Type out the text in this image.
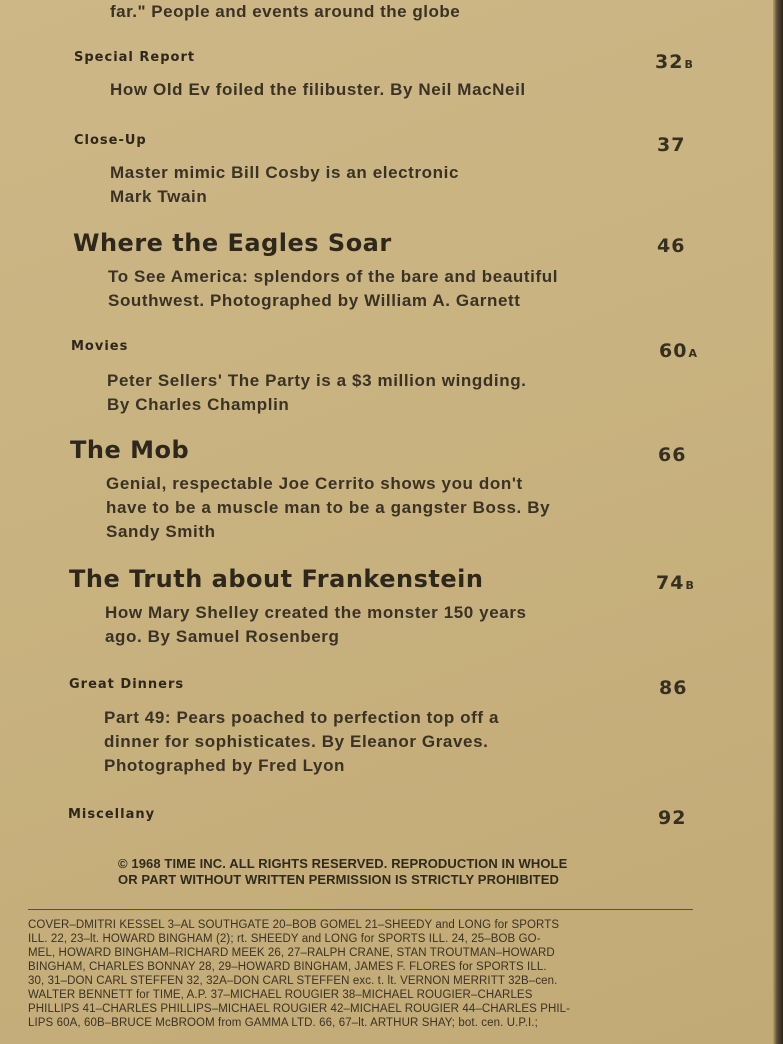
far." People and events around the globe
Special Report	32B
How Old Ev foiled the filibuster. By Neil MacNeil
Close-Up	37
Master mimic Bill Cosby is an electronic
Mark Twain
Where the Eagles Soar	46
To See America: splendors of the bare and beautiful
Southwest. Photographed by William A. Garnett
Movies	60A
Peter Sellers' The Party is a $3 million wingding.
By Charles Champlin
The Mob	66
Genial, respectable Joe Cerrito shows you don't
have to be a muscle man to be a gangster Boss. By
Sandy Smith
The Truth about Frankenstein	74B
How Mary Shelley created the monster 150 years
ago. By Samuel Rosenberg
Great Dinners	86
Part 49: Pears poached to perfection top off a
dinner for sophisticates. By Eleanor Graves.
Photographed by Fred Lyon
Miscellany	92
© 1968 TIME INC. ALL RIGHTS RESERVED. REPRODUCTION IN WHOLE
OR PART WITHOUT WRITTEN PERMISSION IS STRICTLY PROHIBITED
COVER–DMITRI KESSEL 3–AL SOUTHGATE 20–BOB GOMEL 21–SHEEDY and LONG for SPORTS
ILL. 22, 23–lt. HOWARD BINGHAM (2); rt. SHEEDY and LONG for SPORTS ILL. 24, 25–BOB GO-
MEL, HOWARD BINGHAM–RICHARD MEEK 26, 27–RALPH CRANE, STAN TROUTMAN–HOWARD
BINGHAM, CHARLES BONNAY 28, 29–HOWARD BINGHAM, JAMES F. FLORES for SPORTS ILL.
30, 31–DON CARL STEFFEN 32, 32A–DON CARL STEFFEN exc. t. lt. VERNON MERRITT 32B–cen.
WALTER BENNETT for TIME, A.P. 37–MICHAEL ROUGIER 38–MICHAEL ROUGIER–CHARLES
PHILLIPS 41–CHARLES PHILLIPS–MICHAEL ROUGIER 42–MICHAEL ROUGIER 44–CHARLES PHIL-
LIPS 60A, 60B–BRUCE McBROOM from GAMMA LTD. 66, 67–lt. ARTHUR SHAY; bot. cen. U.P.I.;
